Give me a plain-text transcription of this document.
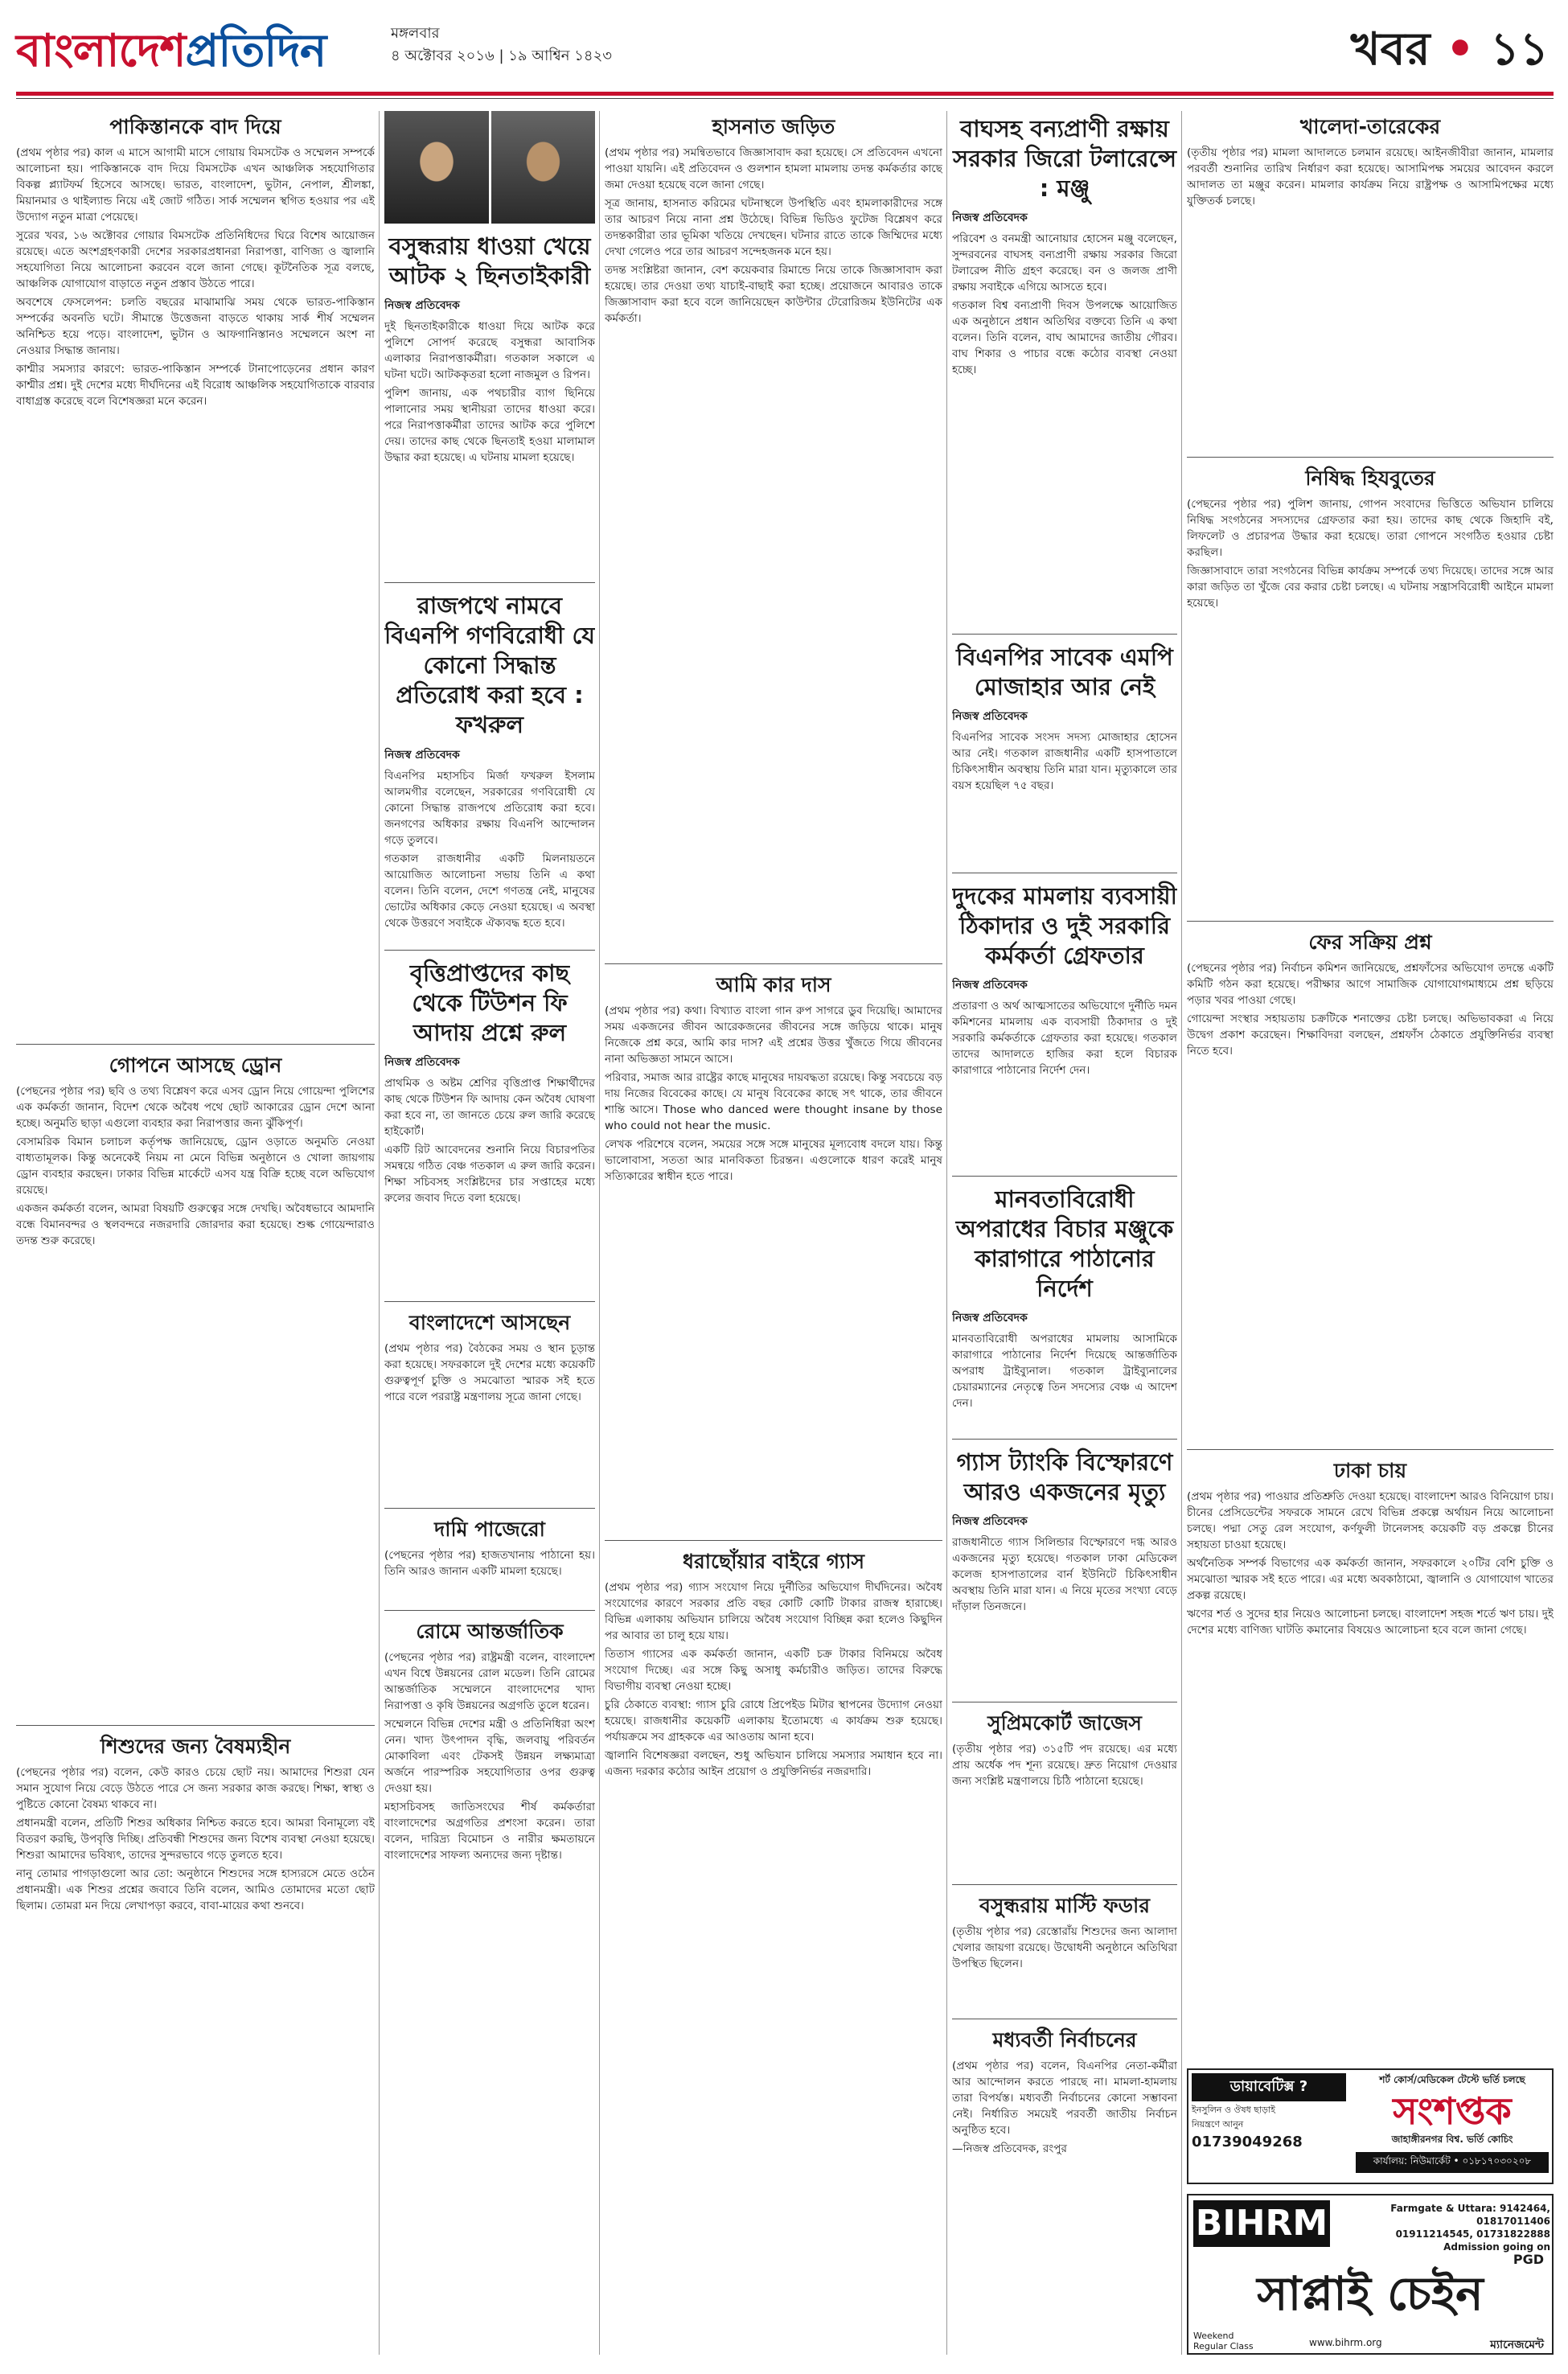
বাংলাদেশপ্রতিদিন	মঙ্গলবার
৪ অক্টোবর ২০১৬ | ১৯ আশ্বিন ১৪২৩	খবর • ১১
পাকিস্তানকে বাদ দিয়ে

(প্রথম পৃষ্ঠার পর) কাল এ মাসে আগামী মাসে গোয়ায় বিমসটেক ও সম্মেলন সম্পর্কে আলোচনা হয়। পাকিস্তানকে বাদ দিয়ে বিমসটেক এখন আঞ্চলিক সহযোগিতার বিকল্প প্ল্যাটফর্ম হিসেবে আসছে। ভারত, বাংলাদেশ, ভুটান, নেপাল, শ্রীলঙ্কা, মিয়ানমার ও থাইল্যান্ড নিয়ে এই জোট গঠিত। সার্ক সম্মেলন স্থগিত হওয়ার পর এই উদ্যোগ নতুন মাত্রা পেয়েছে।

সুরের খবর, ১৬ অক্টোবর গোয়ার বিমসটেক প্রতিনিধিদের ঘিরে বিশেষ আয়োজন রয়েছে। এতে অংশগ্রহণকারী দেশের সরকারপ্রধানরা নিরাপত্তা, বাণিজ্য ও জ্বালানি সহযোগিতা নিয়ে আলোচনা করবেন বলে জানা গেছে। কূটনৈতিক সূত্র বলছে, আঞ্চলিক যোগাযোগ বাড়াতে নতুন প্রস্তাব উঠতে পারে।

অবশেষে ফেসলেপন: চলতি বছরের মাঝামাঝি সময় থেকে ভারত-পাকিস্তান সম্পর্কের অবনতি ঘটে। সীমান্তে উত্তেজনা বাড়তে থাকায় সার্ক শীর্ষ সম্মেলন অনিশ্চিত হয়ে পড়ে। বাংলাদেশ, ভুটান ও আফগানিস্তানও সম্মেলনে অংশ না নেওয়ার সিদ্ধান্ত জানায়।

কাশ্মীর সমস্যার কারণে: ভারত-পাকিস্তান সম্পর্কে টানাপোড়েনের প্রধান কারণ কাশ্মীর প্রশ্ন। দুই দেশের মধ্যে দীর্ঘদিনের এই বিরোধ আঞ্চলিক সহযোগিতাকে বারবার বাধাগ্রস্ত করেছে বলে বিশেষজ্ঞরা মনে করেন।

গোপনে আসছে ড্রোন

(পেছনের পৃষ্ঠার পর) ছবি ও তথ্য বিশ্লেষণ করে এসব ড্রোন নিয়ে গোয়েন্দা পুলিশের এক কর্মকর্তা জানান, বিদেশ থেকে অবৈধ পথে ছোট আকারের ড্রোন দেশে আনা হচ্ছে। অনুমতি ছাড়া এগুলো ব্যবহার করা নিরাপত্তার জন্য ঝুঁকিপূর্ণ।

বেসামরিক বিমান চলাচল কর্তৃপক্ষ জানিয়েছে, ড্রোন ওড়াতে অনুমতি নেওয়া বাধ্যতামূলক। কিন্তু অনেকেই নিয়ম না মেনে বিভিন্ন অনুষ্ঠানে ও খোলা জায়গায় ড্রোন ব্যবহার করছেন। ঢাকার বিভিন্ন মার্কেটে এসব যন্ত্র বিক্রি হচ্ছে বলে অভিযোগ রয়েছে।

একজন কর্মকর্তা বলেন, আমরা বিষয়টি গুরুত্বের সঙ্গে দেখছি। অবৈধভাবে আমদানি বন্ধে বিমানবন্দর ও স্থলবন্দরে নজরদারি জোরদার করা হয়েছে। শুল্ক গোয়েন্দারাও তদন্ত শুরু করেছে।

শিশুদের জন্য বৈষম্যহীন

(পেছনের পৃষ্ঠার পর) বলেন, কেউ কারও চেয়ে ছোট নয়। আমাদের শিশুরা যেন সমান সুযোগ নিয়ে বেড়ে উঠতে পারে সে জন্য সরকার কাজ করছে। শিক্ষা, স্বাস্থ্য ও পুষ্টিতে কোনো বৈষম্য থাকবে না।

প্রধানমন্ত্রী বলেন, প্রতিটি শিশুর অধিকার নিশ্চিত করতে হবে। আমরা বিনামূল্যে বই বিতরণ করছি, উপবৃত্তি দিচ্ছি। প্রতিবন্ধী শিশুদের জন্য বিশেষ ব্যবস্থা নেওয়া হয়েছে। শিশুরা আমাদের ভবিষ্যৎ, তাদের সুন্দরভাবে গড়ে তুলতে হবে।

নানু তোমার পাগড়াগুলো আর তো: অনুষ্ঠানে শিশুদের সঙ্গে হাস্যরসে মেতে ওঠেন প্রধানমন্ত্রী। এক শিশুর প্রশ্নের জবাবে তিনি বলেন, আমিও তোমাদের মতো ছোট ছিলাম। তোমরা মন দিয়ে লেখাপড়া করবে, বাবা-মায়ের কথা শুনবে।

বসুন্ধরায় ধাওয়া খেয়ে আটক ২ ছিনতাইকারী
নিজস্ব প্রতিবেদক

দুই ছিনতাইকারীকে ধাওয়া দিয়ে আটক করে পুলিশে সোপর্দ করেছে বসুন্ধরা আবাসিক এলাকার নিরাপত্তাকর্মীরা। গতকাল সকালে এ ঘটনা ঘটে। আটককৃতরা হলো নাজমুল ও রিপন।

পুলিশ জানায়, এক পথচারীর ব্যাগ ছিনিয়ে পালানোর সময় স্থানীয়রা তাদের ধাওয়া করে। পরে নিরাপত্তাকর্মীরা তাদের আটক করে পুলিশে দেয়। তাদের কাছ থেকে ছিনতাই হওয়া মালামাল উদ্ধার করা হয়েছে। এ ঘটনায় মামলা হয়েছে।

রাজপথে নামবে বিএনপি গণবিরোধী যে কোনো সিদ্ধান্ত প্রতিরোধ করা হবে : ফখরুল
নিজস্ব প্রতিবেদক

বিএনপির মহাসচিব মির্জা ফখরুল ইসলাম আলমগীর বলেছেন, সরকারের গণবিরোধী যে কোনো সিদ্ধান্ত রাজপথে প্রতিরোধ করা হবে। জনগণের অধিকার রক্ষায় বিএনপি আন্দোলন গড়ে তুলবে।

গতকাল রাজধানীর একটি মিলনায়তনে আয়োজিত আলোচনা সভায় তিনি এ কথা বলেন। তিনি বলেন, দেশে গণতন্ত্র নেই, মানুষের ভোটের অধিকার কেড়ে নেওয়া হয়েছে। এ অবস্থা থেকে উত্তরণে সবাইকে ঐক্যবদ্ধ হতে হবে।

বৃত্তিপ্রাপ্তদের কাছ থেকে টিউশন ফি আদায় প্রশ্নে রুল
নিজস্ব প্রতিবেদক

প্রাথমিক ও অষ্টম শ্রেণির বৃত্তিপ্রাপ্ত শিক্ষার্থীদের কাছ থেকে টিউশন ফি আদায় কেন অবৈধ ঘোষণা করা হবে না, তা জানতে চেয়ে রুল জারি করেছে হাইকোর্ট।

একটি রিট আবেদনের শুনানি নিয়ে বিচারপতির সমন্বয়ে গঠিত বেঞ্চ গতকাল এ রুল জারি করেন। শিক্ষা সচিবসহ সংশ্লিষ্টদের চার সপ্তাহের মধ্যে রুলের জবাব দিতে বলা হয়েছে।

বাংলাদেশে আসছেন

(প্রথম পৃষ্ঠার পর) বৈঠকের সময় ও স্থান চূড়ান্ত করা হয়েছে। সফরকালে দুই দেশের মধ্যে কয়েকটি গুরুত্বপূর্ণ চুক্তি ও সমঝোতা স্মারক সই হতে পারে বলে পররাষ্ট্র মন্ত্রণালয় সূত্রে জানা গেছে।

দামি পাজেরো

(পেছনের পৃষ্ঠার পর) হাজতখানায় পাঠানো হয়। তিনি আরও জানান একটি মামলা হয়েছে।

রোমে আন্তর্জাতিক

(পেছনের পৃষ্ঠার পর) রাষ্ট্রমন্ত্রী বলেন, বাংলাদেশ এখন বিশ্বে উন্নয়নের রোল মডেল। তিনি রোমের আন্তর্জাতিক সম্মেলনে বাংলাদেশের খাদ্য নিরাপত্তা ও কৃষি উন্নয়নের অগ্রগতি তুলে ধরেন।

সম্মেলনে বিভিন্ন দেশের মন্ত্রী ও প্রতিনিধিরা অংশ নেন। খাদ্য উৎপাদন বৃদ্ধি, জলবায়ু পরিবর্তন মোকাবিলা এবং টেকসই উন্নয়ন লক্ষ্যমাত্রা অর্জনে পারস্পরিক সহযোগিতার ওপর গুরুত্ব দেওয়া হয়।

মহাসচিবসহ জাতিসংঘের শীর্ষ কর্মকর্তারা বাংলাদেশের অগ্রগতির প্রশংসা করেন। তারা বলেন, দারিদ্র্য বিমোচন ও নারীর ক্ষমতায়নে বাংলাদেশের সাফল্য অন্যদের জন্য দৃষ্টান্ত।

হাসনাত জড়িত

(প্রথম পৃষ্ঠার পর) সমন্বিতভাবে জিজ্ঞাসাবাদ করা হয়েছে। সে প্রতিবেদন এখনো পাওয়া যায়নি। এই প্রতিবেদন ও গুলশান হামলা মামলায় তদন্ত কর্মকর্তার কাছে জমা দেওয়া হয়েছে বলে জানা গেছে।

সূত্র জানায়, হাসনাত করিমের ঘটনাস্থলে উপস্থিতি এবং হামলাকারীদের সঙ্গে তার আচরণ নিয়ে নানা প্রশ্ন উঠেছে। বিভিন্ন ভিডিও ফুটেজ বিশ্লেষণ করে তদন্তকারীরা তার ভূমিকা খতিয়ে দেখছেন। ঘটনার রাতে তাকে জিম্মিদের মধ্যে দেখা গেলেও পরে তার আচরণ সন্দেহজনক মনে হয়।

তদন্ত সংশ্লিষ্টরা জানান, বেশ কয়েকবার রিমান্ডে নিয়ে তাকে জিজ্ঞাসাবাদ করা হয়েছে। তার দেওয়া তথ্য যাচাই-বাছাই করা হচ্ছে। প্রয়োজনে আবারও তাকে জিজ্ঞাসাবাদ করা হবে বলে জানিয়েছেন কাউন্টার টেরোরিজম ইউনিটের এক কর্মকর্তা।

আমি কার দাস

(প্রথম পৃষ্ঠার পর) কথা। বিখ্যাত বাংলা গান রুপ সাগরে ডুব দিয়েছি। আমাদের সময় একজনের জীবন আরেকজনের জীবনের সঙ্গে জড়িয়ে থাকে। মানুষ নিজেকে প্রশ্ন করে, আমি কার দাস? এই প্রশ্নের উত্তর খুঁজতে গিয়ে জীবনের নানা অভিজ্ঞতা সামনে আসে।

পরিবার, সমাজ আর রাষ্ট্রের কাছে মানুষের দায়বদ্ধতা রয়েছে। কিন্তু সবচেয়ে বড় দায় নিজের বিবেকের কাছে। যে মানুষ বিবেকের কাছে সৎ থাকে, তার জীবনে শান্তি আসে। Those who danced were thought insane by those who could not hear the music.

লেখক পরিশেষে বলেন, সময়ের সঙ্গে সঙ্গে মানুষের মূল্যবোধ বদলে যায়। কিন্তু ভালোবাসা, সততা আর মানবিকতা চিরন্তন। এগুলোকে ধারণ করেই মানুষ সত্যিকারের স্বাধীন হতে পারে।

ধরাছোঁয়ার বাইরে গ্যাস

(প্রথম পৃষ্ঠার পর) গ্যাস সংযোগ নিয়ে দুর্নীতির অভিযোগ দীর্ঘদিনের। অবৈধ সংযোগের কারণে সরকার প্রতি বছর কোটি কোটি টাকার রাজস্ব হারাচ্ছে। বিভিন্ন এলাকায় অভিযান চালিয়ে অবৈধ সংযোগ বিচ্ছিন্ন করা হলেও কিছুদিন পর আবার তা চালু হয়ে যায়।

তিতাস গ্যাসের এক কর্মকর্তা জানান, একটি চক্র টাকার বিনিময়ে অবৈধ সংযোগ দিচ্ছে। এর সঙ্গে কিছু অসাধু কর্মচারীও জড়িত। তাদের বিরুদ্ধে বিভাগীয় ব্যবস্থা নেওয়া হচ্ছে।

চুরি ঠেকাতে ব্যবস্থা: গ্যাস চুরি রোধে প্রিপেইড মিটার স্থাপনের উদ্যোগ নেওয়া হয়েছে। রাজধানীর কয়েকটি এলাকায় ইতোমধ্যে এ কার্যক্রম শুরু হয়েছে। পর্যায়ক্রমে সব গ্রাহককে এর আওতায় আনা হবে।

জ্বালানি বিশেষজ্ঞরা বলছেন, শুধু অভিযান চালিয়ে সমস্যার সমাধান হবে না। এজন্য দরকার কঠোর আইন প্রয়োগ ও প্রযুক্তিনির্ভর নজরদারি।

বাঘসহ বন্যপ্রাণী রক্ষায় সরকার জিরো টলারেন্সে : মঞ্জু
নিজস্ব প্রতিবেদক

পরিবেশ ও বনমন্ত্রী আনোয়ার হোসেন মঞ্জু বলেছেন, সুন্দরবনের বাঘসহ বন্যপ্রাণী রক্ষায় সরকার জিরো টলারেন্স নীতি গ্রহণ করেছে। বন ও জলজ প্রাণী রক্ষায় সবাইকে এগিয়ে আসতে হবে।

গতকাল বিশ্ব বন্যপ্রাণী দিবস উপলক্ষে আয়োজিত এক অনুষ্ঠানে প্রধান অতিথির বক্তব্যে তিনি এ কথা বলেন। তিনি বলেন, বাঘ আমাদের জাতীয় গৌরব। বাঘ শিকার ও পাচার বন্ধে কঠোর ব্যবস্থা নেওয়া হচ্ছে।

বিএনপির সাবেক এমপি মোজাহার আর নেই
নিজস্ব প্রতিবেদক

বিএনপির সাবেক সংসদ সদস্য মোজাহার হোসেন আর নেই। গতকাল রাজধানীর একটি হাসপাতালে চিকিৎসাধীন অবস্থায় তিনি মারা যান। মৃত্যুকালে তার বয়স হয়েছিল ৭৫ বছর।

দুদকের মামলায় ব্যবসায়ী ঠিকাদার ও দুই সরকারি কর্মকর্তা গ্রেফতার
নিজস্ব প্রতিবেদক

প্রতারণা ও অর্থ আত্মসাতের অভিযোগে দুর্নীতি দমন কমিশনের মামলায় এক ব্যবসায়ী ঠিকাদার ও দুই সরকারি কর্মকর্তাকে গ্রেফতার করা হয়েছে। গতকাল তাদের আদালতে হাজির করা হলে বিচারক কারাগারে পাঠানোর নির্দেশ দেন।

মানবতাবিরোধী অপরাধের বিচার মঞ্জুকে কারাগারে পাঠানোর নির্দেশ
নিজস্ব প্রতিবেদক

মানবতাবিরোধী অপরাধের মামলায় আসামিকে কারাগারে পাঠানোর নির্দেশ দিয়েছে আন্তর্জাতিক অপরাধ ট্রাইব্যুনাল। গতকাল ট্রাইব্যুনালের চেয়ারম্যানের নেতৃত্বে তিন সদস্যের বেঞ্চ এ আদেশ দেন।

গ্যাস ট্যাংকি বিস্ফোরণে আরও একজনের মৃত্যু
নিজস্ব প্রতিবেদক

রাজধানীতে গ্যাস সিলিন্ডার বিস্ফোরণে দগ্ধ আরও একজনের মৃত্যু হয়েছে। গতকাল ঢাকা মেডিকেল কলেজ হাসপাতালের বার্ন ইউনিটে চিকিৎসাধীন অবস্থায় তিনি মারা যান। এ নিয়ে মৃতের সংখ্যা বেড়ে দাঁড়াল তিনজনে।

সুপ্রিমকোর্ট জাজেস

(তৃতীয় পৃষ্ঠার পর) ৩১৫টি পদ রয়েছে। এর মধ্যে প্রায় অর্ধেক পদ শূন্য রয়েছে। দ্রুত নিয়োগ দেওয়ার জন্য সংশ্লিষ্ট মন্ত্রণালয়ে চিঠি পাঠানো হয়েছে।

বসুন্ধরায় মাস্টি ফডার

(তৃতীয় পৃষ্ঠার পর) রেস্তোরাঁয় শিশুদের জন্য আলাদা খেলার জায়গা রয়েছে। উদ্বোধনী অনুষ্ঠানে অতিথিরা উপস্থিত ছিলেন।

মধ্যবর্তী নির্বাচনের

(প্রথম পৃষ্ঠার পর) বলেন, বিএনপির নেতা-কর্মীরা আর আন্দোলন করতে পারছে না। মামলা-হামলায় তারা বিপর্যস্ত। মধ্যবর্তী নির্বাচনের কোনো সম্ভাবনা নেই। নির্ধারিত সময়েই পরবর্তী জাতীয় নির্বাচন অনুষ্ঠিত হবে।

—নিজস্ব প্রতিবেদক, রংপুর

খালেদা-তারেকের

(তৃতীয় পৃষ্ঠার পর) মামলা আদালতে চলমান রয়েছে। আইনজীবীরা জানান, মামলার পরবর্তী শুনানির তারিখ নির্ধারণ করা হয়েছে। আসামিপক্ষ সময়ের আবেদন করলে আদালত তা মঞ্জুর করেন। মামলার কার্যক্রম নিয়ে রাষ্ট্রপক্ষ ও আসামিপক্ষের মধ্যে যুক্তিতর্ক চলছে।

নিষিদ্ধ হিযবুতের

(পেছনের পৃষ্ঠার পর) পুলিশ জানায়, গোপন সংবাদের ভিত্তিতে অভিযান চালিয়ে নিষিদ্ধ সংগঠনের সদস্যদের গ্রেফতার করা হয়। তাদের কাছ থেকে জিহাদি বই, লিফলেট ও প্রচারপত্র উদ্ধার করা হয়েছে। তারা গোপনে সংগঠিত হওয়ার চেষ্টা করছিল।

জিজ্ঞাসাবাদে তারা সংগঠনের বিভিন্ন কার্যক্রম সম্পর্কে তথ্য দিয়েছে। তাদের সঙ্গে আর কারা জড়িত তা খুঁজে বের করার চেষ্টা চলছে। এ ঘটনায় সন্ত্রাসবিরোধী আইনে মামলা হয়েছে।

ফের সক্রিয় প্রশ্ন

(পেছনের পৃষ্ঠার পর) নির্বাচন কমিশন জানিয়েছে, প্রশ্নফাঁসের অভিযোগ তদন্তে একটি কমিটি গঠন করা হয়েছে। পরীক্ষার আগে সামাজিক যোগাযোগমাধ্যমে প্রশ্ন ছড়িয়ে পড়ার খবর পাওয়া গেছে।

গোয়েন্দা সংস্থার সহায়তায় চক্রটিকে শনাক্তের চেষ্টা চলছে। অভিভাবকরা এ নিয়ে উদ্বেগ প্রকাশ করেছেন। শিক্ষাবিদরা বলছেন, প্রশ্নফাঁস ঠেকাতে প্রযুক্তিনির্ভর ব্যবস্থা নিতে হবে।

ঢাকা চায়

(প্রথম পৃষ্ঠার পর) পাওয়ার প্রতিশ্রুতি দেওয়া হয়েছে। বাংলাদেশ আরও বিনিয়োগ চায়। চীনের প্রেসিডেন্টের সফরকে সামনে রেখে বিভিন্ন প্রকল্পে অর্থায়ন নিয়ে আলোচনা চলছে। পদ্মা সেতু রেল সংযোগ, কর্ণফুলী টানেলসহ কয়েকটি বড় প্রকল্পে চীনের সহায়তা চাওয়া হয়েছে।

অর্থনৈতিক সম্পর্ক বিভাগের এক কর্মকর্তা জানান, সফরকালে ২০টির বেশি চুক্তি ও সমঝোতা স্মারক সই হতে পারে। এর মধ্যে অবকাঠামো, জ্বালানি ও যোগাযোগ খাতের প্রকল্প রয়েছে।

ঋণের শর্ত ও সুদের হার নিয়েও আলোচনা চলছে। বাংলাদেশ সহজ শর্তে ঋণ চায়। দুই দেশের মধ্যে বাণিজ্য ঘাটতি কমানোর বিষয়েও আলোচনা হবে বলে জানা গেছে।

ডায়াবেটিক্স ?
ইনসুলিন ও ঔষধ ছাড়াই
নিয়ন্ত্রণে আনুন
01739049268
শর্ট কোর্স/মেডিকেল টেস্টে ভর্তি চলছে
সংশপ্তক
জাহাঙ্গীরনগর বিশ্ব. ভর্তি কোচিং
কার্যালয়: নিউমার্কেট • ০১৮১৭০৩০২০৮
BIHRM	Farmgate & Uttara: 9142464, 01817011406
01911214545, 01731822888
Admission going on
PGD
সাপ্লাই চেইন
Weekend
Regular Class	www.bihrm.org	ম্যানেজমেন্ট
